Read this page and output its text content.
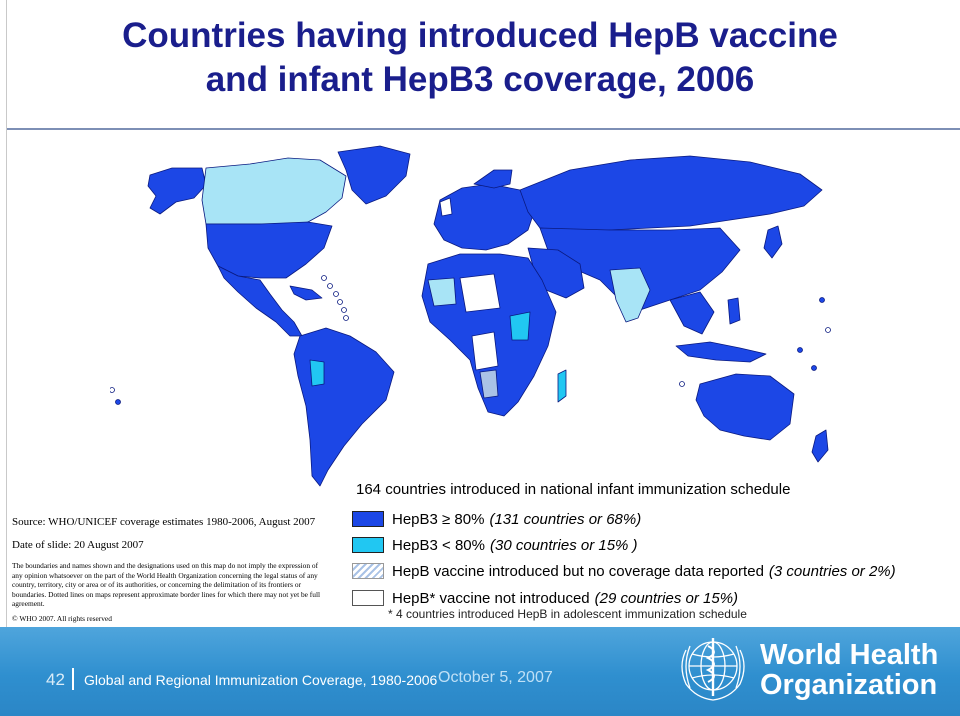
Countries having introduced HepB vaccine
and infant HepB3 coverage, 2006
164 countries introduced in national infant immunization schedule
HepB3 ≥ 80% (131 countries or 68%)
HepB3 < 80% (30 countries or 15% )
HepB vaccine introduced but no coverage data reported (3 countries or 2%)
HepB* vaccine not introduced (29 countries or 15%)
* 4 countries introduced HepB in adolescent immunization schedule
Source: WHO/UNICEF coverage estimates 1980-2006, August 2007
Date of slide: 20 August 2007
The boundaries and names shown and the designations used on this map do not imply the expression of any opinion whatsoever on the part of the World Health Organization concerning the legal status of any country, territory, city or area or of its authorities, or concerning the delimitation of its frontiers or boundaries. Dotted lines on maps represent approximate border lines for which there may not yet be full agreement.
© WHO 2007. All rights reserved
42 Global and Regional Immunization Coverage, 1980-2006 October 5, 2007
World Health
Organization
